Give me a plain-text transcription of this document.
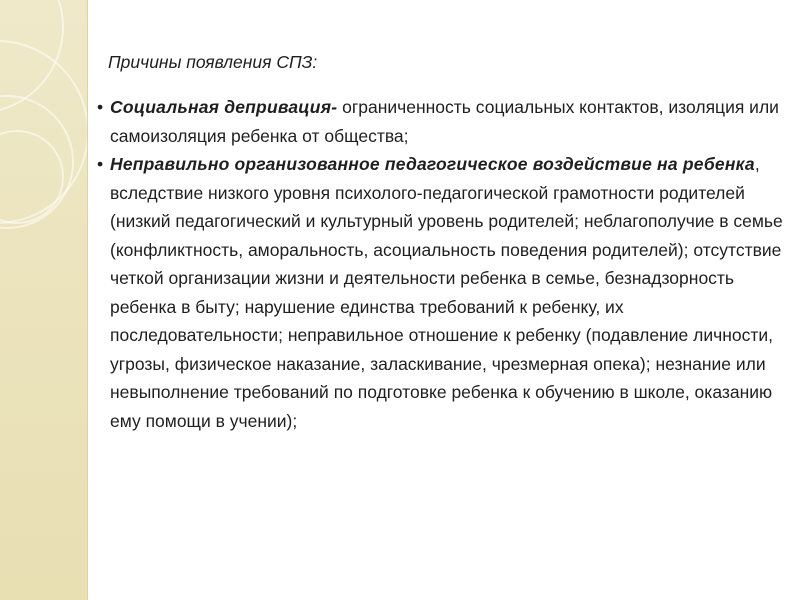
Причины появления СПЗ:

• Социальная депривация- ограниченность социальных контактов, изоляция или самоизоляция ребенка от общества;

• Неправильно организованное педагогическое воздействие на ребенка, вследствие низкого уровня психолого-педагогической грамотности родителей (низкий педагогический и культурный уровень родителей; неблагополучие в семье (конфликтность, аморальность, асоциальность поведения родителей); отсутствие четкой организации жизни и деятельности ребенка в семье, безнадзорность ребенка в быту; нарушение единства требований к ребенку, их последовательности; неправильное отношение к ребенку (подавление личности, угрозы, физическое наказание, заласкивание, чрезмерная опека); незнание или невыполнение требований по подготовке ребенка к обучению в школе, оказанию ему помощи в учении);
